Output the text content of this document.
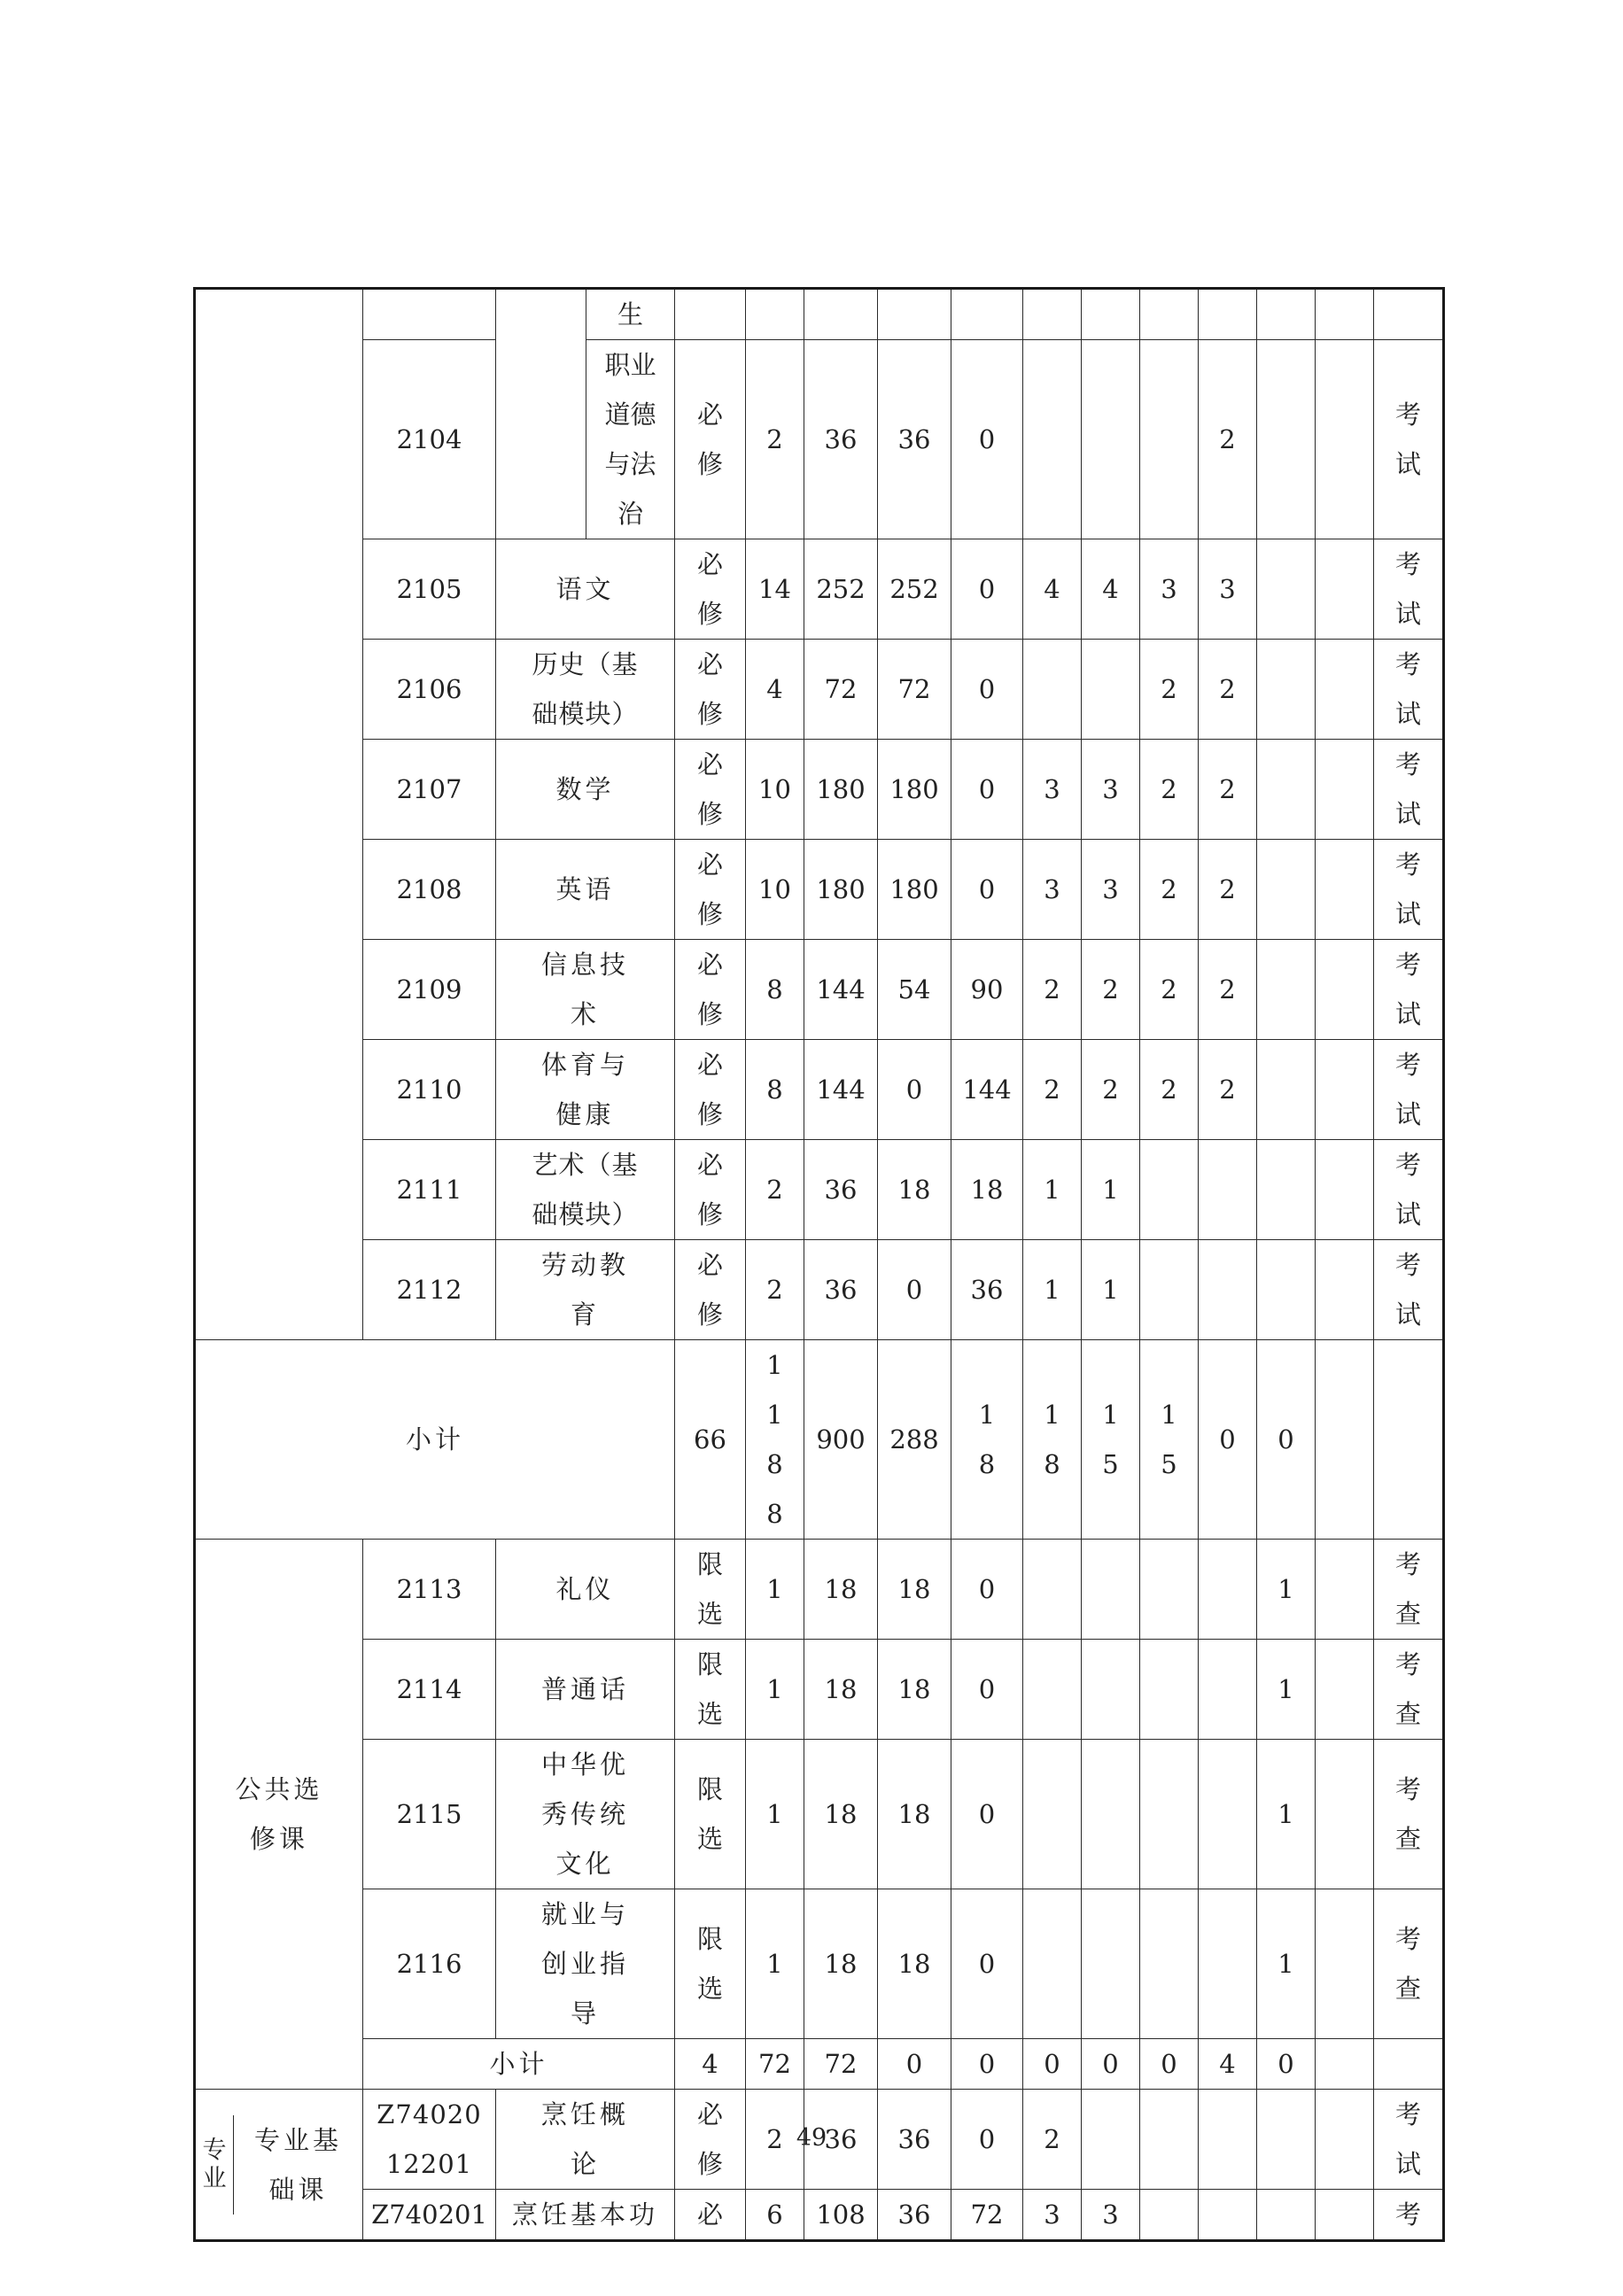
			生												
	2104		职业道德与法治	必修	2	36	36	0				2			考试
	2105	语文		必修	14	252	252	0	4	4	3	3			考试
	2106	历史（基础模块）		必修	4	72	72	0			2	2			考试
	2107	数学		必修	10	180	180	0	3	3	2	2			考试
	2108	英语		必修	10	180	180	0	3	3	2	2			考试
	2109	信息技术		必修	8	144	54	90	2	2	2	2			考试
	2110	体育与健康		必修	8	144	0	144	2	2	2	2			考试
	2111	艺术（基础模块）		必修	2	36	18	18	1	1					考试
	2112	劳动教育		必修	2	36	0	36	1	1					考试
小计				66	1188	900	288	18	18	15	15	0	0		
公共选修课	2113	礼仪		限选	1	18	18	0					1		考查
	2114	普通话		限选	1	18	18	0					1		考查
	2115	中华优秀传统文化		限选	1	18	18	0					1		考查
	2116	就业与创业指导		限选	1	18	18	0					1		考查
	小计			4	72	72	0	0	0	0	0	4	0		

专业
专业基础课	Z7402012201	烹饪概论		必修	2	36	36	0	2						考试
	Z740201	烹饪基本功		必	6	108	36	72	3	3					考
49
